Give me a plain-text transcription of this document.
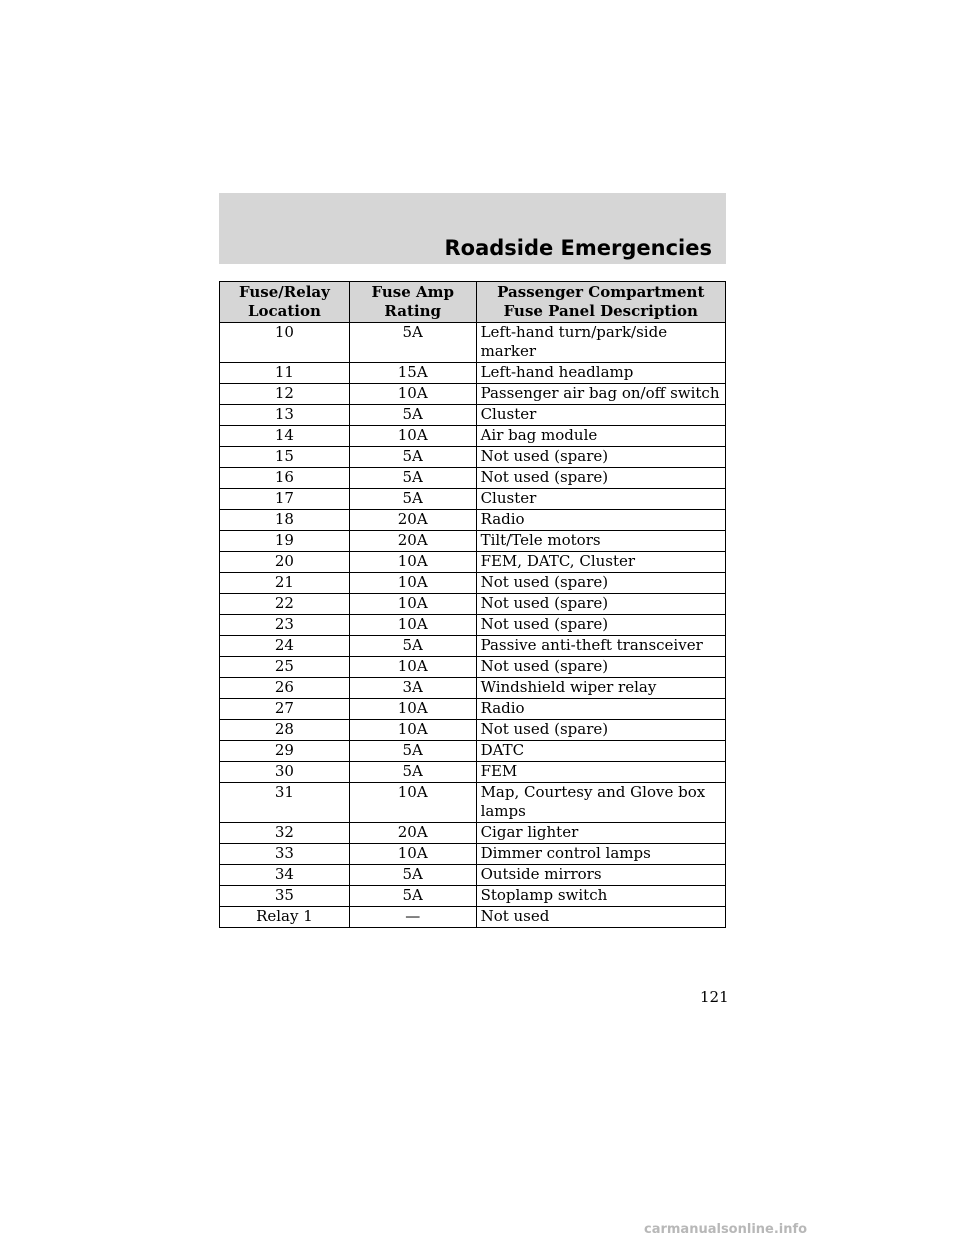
Roadside Emergencies
Fuse/Relay Location	Fuse Amp Rating	Passenger Compartment Fuse Panel Description
10	5A	Left-hand turn/park/side marker
11	15A	Left-hand headlamp
12	10A	Passenger air bag on/off switch
13	5A	Cluster
14	10A	Air bag module
15	5A	Not used (spare)
16	5A	Not used (spare)
17	5A	Cluster
18	20A	Radio
19	20A	Tilt/Tele motors
20	10A	FEM, DATC, Cluster
21	10A	Not used (spare)
22	10A	Not used (spare)
23	10A	Not used (spare)
24	5A	Passive anti-theft transceiver
25	10A	Not used (spare)
26	3A	Windshield wiper relay
27	10A	Radio
28	10A	Not used (spare)
29	5A	DATC
30	5A	FEM
31	10A	Map, Courtesy and Glove box lamps
32	20A	Cigar lighter
33	10A	Dimmer control lamps
34	5A	Outside mirrors
35	5A	Stoplamp switch
Relay 1	—	Not used
121
carmanualsonline.info
